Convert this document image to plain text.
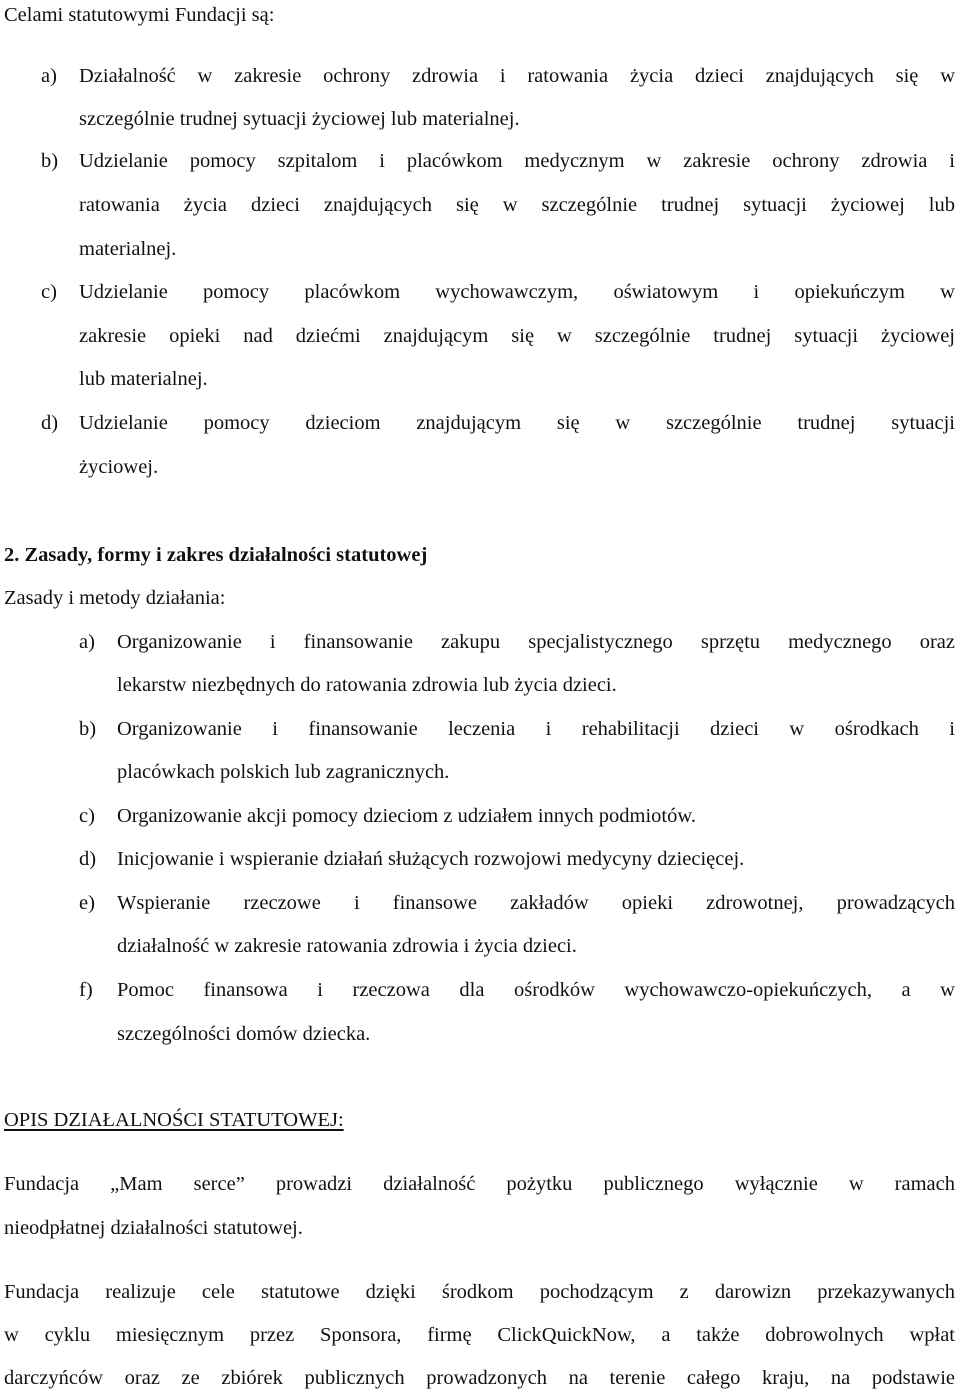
Celami statutowymi Fundacji są:
a)	Działalność w zakresie ochrony zdrowia i ratowania życia dzieci znajdujących się w
szczególnie trudnej sytuacji życiowej lub materialnej.
b)	Udzielanie pomocy szpitalom i placówkom medycznym w zakresie ochrony zdrowia i
ratowania życia dzieci znajdujących się w szczególnie trudnej sytuacji życiowej lub
materialnej.
c)	Udzielanie pomocy placówkom wychowawczym, oświatowym i opiekuńczym w
zakresie opieki nad dziećmi znajdującym się w szczególnie trudnej sytuacji życiowej
lub materialnej.
d)	Udzielanie pomocy dzieciom znajdującym się w szczególnie trudnej sytuacji
życiowej.
2. Zasady, formy i zakres działalności statutowej
Zasady i metody działania:
a)	Organizowanie i finansowanie zakupu specjalistycznego sprzętu medycznego oraz
lekarstw niezbędnych do ratowania zdrowia lub życia dzieci.
b)	Organizowanie i finansowanie leczenia i rehabilitacji dzieci w ośrodkach i
placówkach polskich lub zagranicznych.
c)	Organizowanie akcji pomocy dzieciom z udziałem innych podmiotów.
d)	Inicjowanie i wspieranie działań służących rozwojowi medycyny dziecięcej.
e)	Wspieranie rzeczowe i finansowe zakładów opieki zdrowotnej, prowadzących
działalność w zakresie ratowania zdrowia i życia dzieci.
f)	Pomoc finansowa i rzeczowa dla ośrodków wychowawczo-opiekuńczych, a w
szczególności domów dziecka.
OPIS DZIAŁALNOŚCI STATUTOWEJ:
Fundacja „Mam serce” prowadzi działalność pożytku publicznego wyłącznie w ramach
nieodpłatnej działalności statutowej.
Fundacja realizuje cele statutowe dzięki środkom pochodzącym z darowizn przekazywanych
w cyklu miesięcznym przez Sponsora, firmę ClickQuickNow, a także dobrowolnych wpłat
darczyńców oraz ze zbiórek publicznych prowadzonych na terenie całego kraju, na podstawie
